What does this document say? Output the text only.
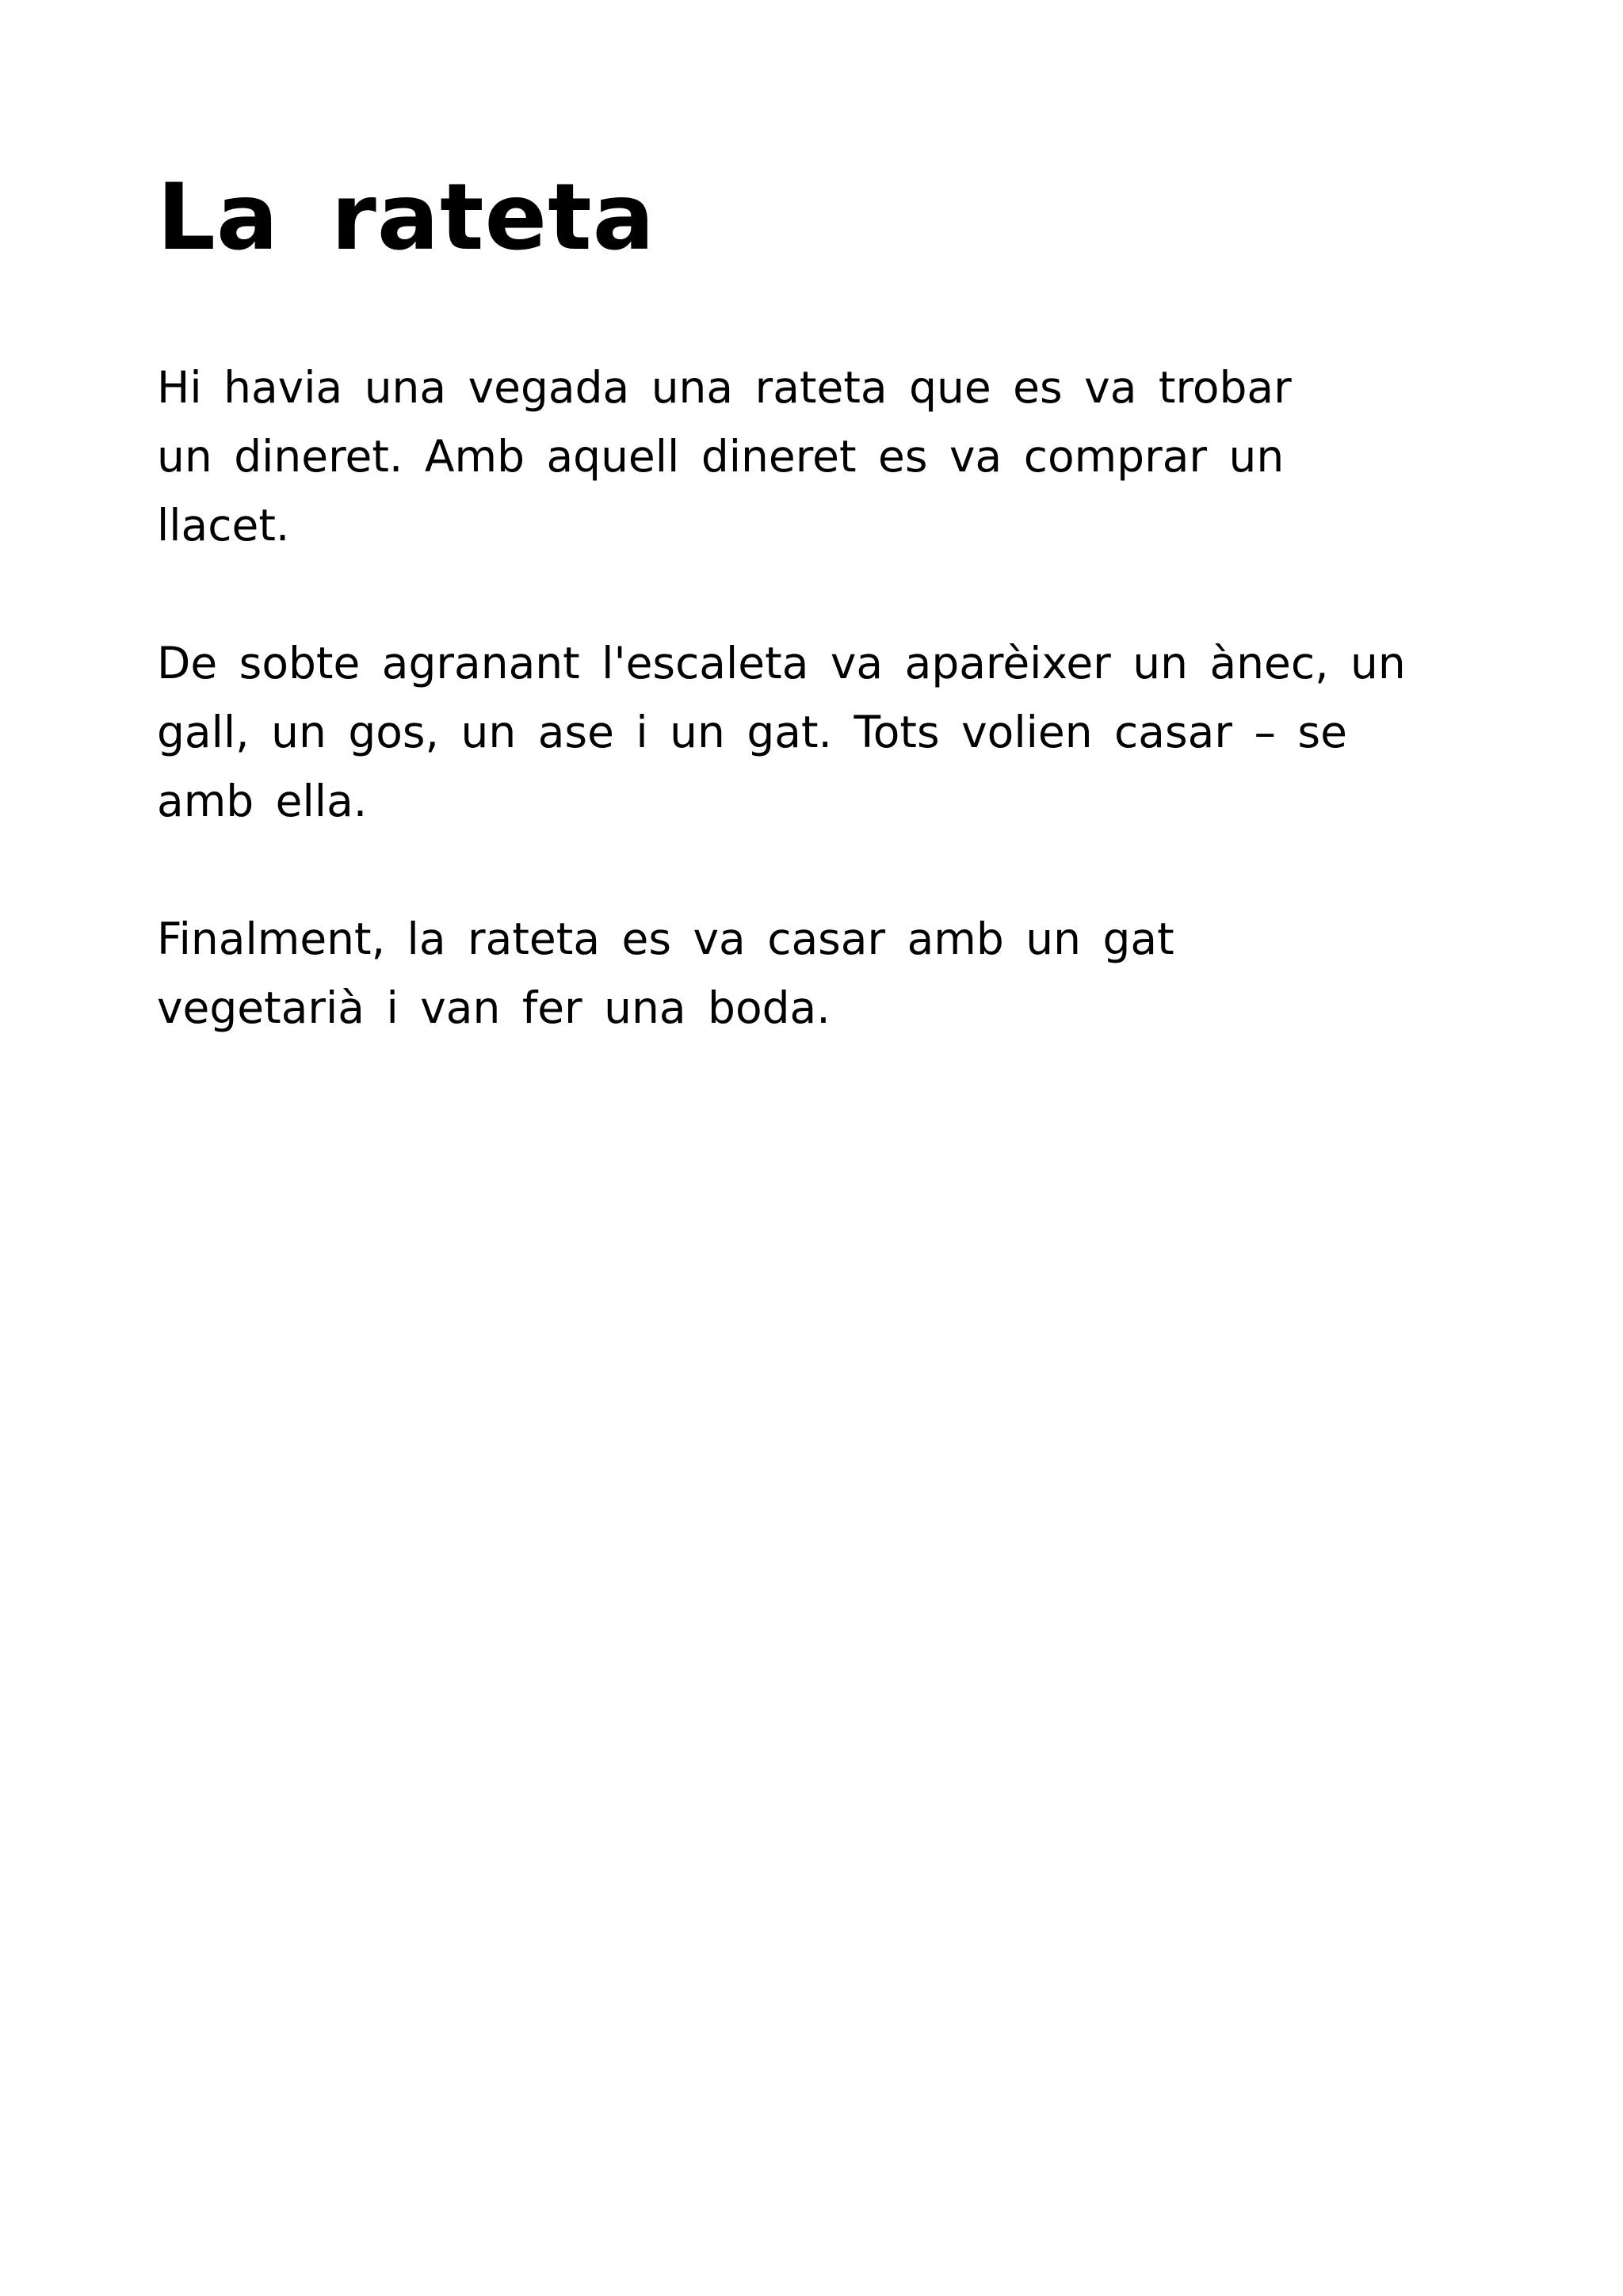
La rateta

Hi havia una vegada una rateta que es va trobar
un dineret. Amb aquell dineret es va comprar un
llacet.

De sobte agranant l'escaleta va aparèixer un ànec, un
gall, un gos, un ase i un gat. Tots volien casar – se
amb ella.

Finalment, la rateta es va casar amb un gat
vegetarià i van fer una boda.
